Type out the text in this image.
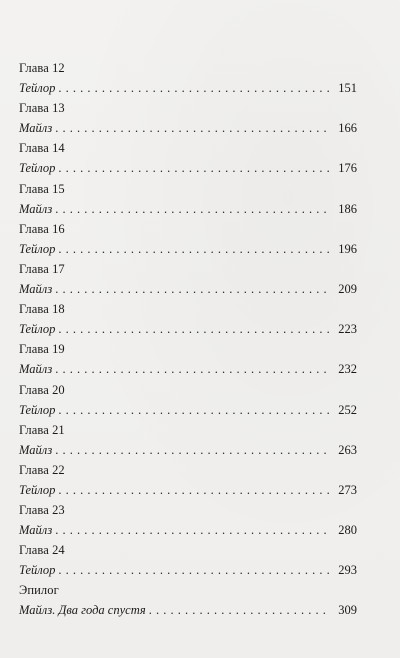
Глава 12
Тейлор . . .	151
Глава 13
Майлз . . .	166
Глава 14
Тейлор . . .	176
Глава 15
Майлз . . .	186
Глава 16
Тейлор . . .	196
Глава 17
Майлз . . .	209
Глава 18
Тейлор . . .	223
Глава 19
Майлз . . .	232
Глава 20
Тейлор . . .	252
Глава 21
Майлз . . .	263
Глава 22
Тейлор . . .	273
Глава 23
Майлз . . .	280
Глава 24
Тейлор . . .	293
Эпилог
Майлз. Два года спустя . . .	309
